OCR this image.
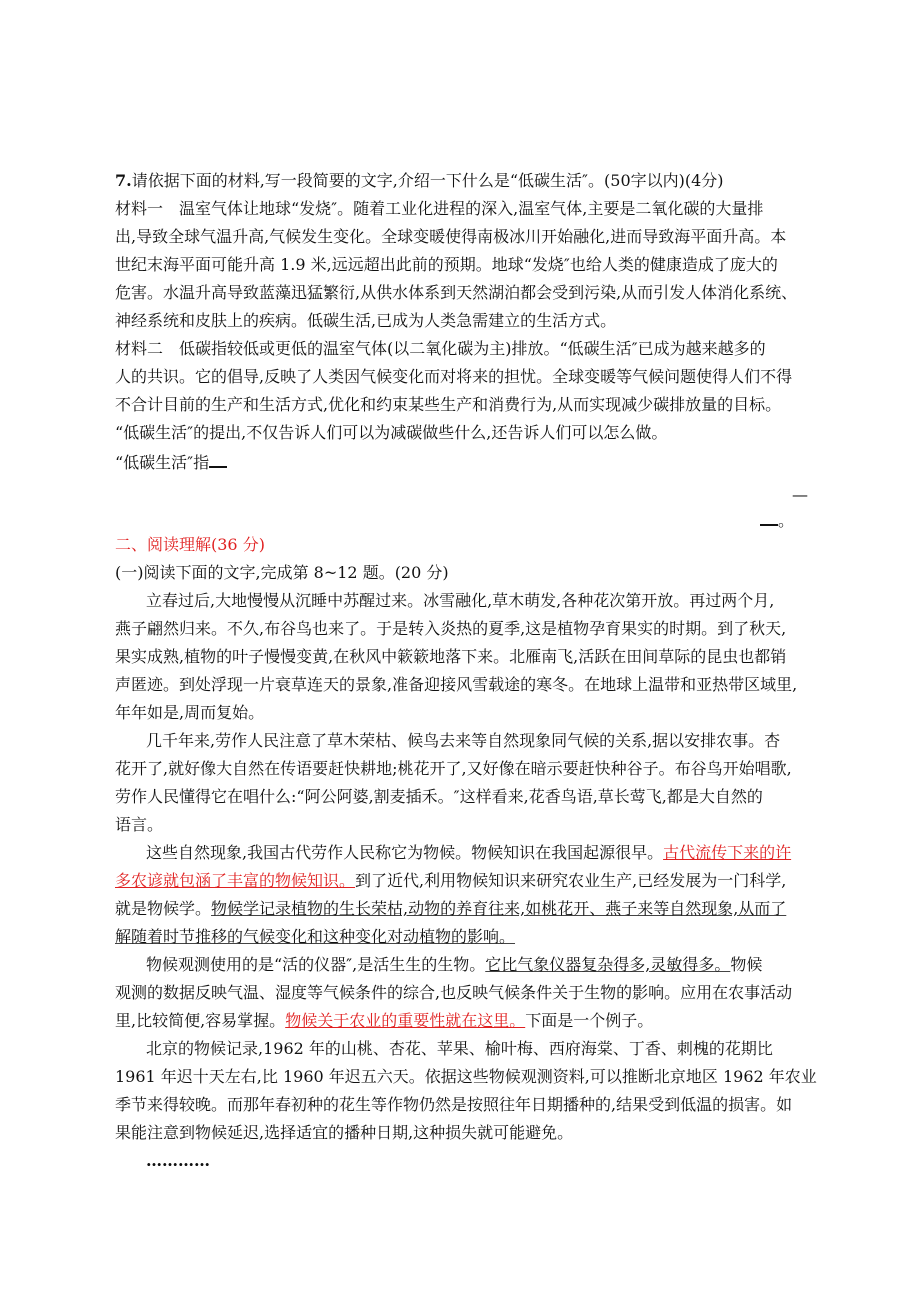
7.请依据下面的材料,写一段简要的文字,介绍一下什么是“低碳生活″。(50字以内)(4分)
材料一　温室气体让地球“发烧″。随着工业化进程的深入,温室气体,主要是二氧化碳的大量排
出,导致全球气温升高,气候发生变化。全球变暖使得南极冰川开始融化,进而导致海平面升高。本
世纪末海平面可能升高 1.9 米,远远超出此前的预期。地球“发烧″也给人类的健康造成了庞大的
危害。水温升高导致蓝藻迅猛繁衍,从供水体系到天然湖泊都会受到污染,从而引发人体消化系统、
神经系统和皮肤上的疾病。低碳生活,已成为人类急需建立的生活方式。
材料二　低碳指较低或更低的温室气体(以二氧化碳为主)排放。“低碳生活″已成为越来越多的
人的共识。它的倡导,反映了人类因气候变化而对将来的担忧。全球变暖等气候问题使得人们不得
不合计目前的生产和生活方式,优化和约束某些生产和消费行为,从而实现减少碳排放量的目标。
“低碳生活″的提出,不仅告诉人们可以为减碳做些什么,还告诉人们可以怎么做。
“低碳生活″指
—
。
二、阅读理解(36 分)
(一)阅读下面的文字,完成第 8~12 题。(20 分)
立春过后,大地慢慢从沉睡中苏醒过来。冰雪融化,草木萌发,各种花次第开放。再过两个月,
燕子翩然归来。不久,布谷鸟也来了。于是转入炎热的夏季,这是植物孕育果实的时期。到了秋天,
果实成熟,植物的叶子慢慢变黄,在秋风中簌簌地落下来。北雁南飞,活跃在田间草际的昆虫也都销
声匿迹。到处浮现一片衰草连天的景象,准备迎接风雪载途的寒冬。在地球上温带和亚热带区域里,
年年如是,周而复始。
几千年来,劳作人民注意了草木荣枯、候鸟去来等自然现象同气候的关系,据以安排农事。杏
花开了,就好像大自然在传语要赶快耕地;桃花开了,又好像在暗示要赶快种谷子。布谷鸟开始唱歌,
劳作人民懂得它在唱什么:“阿公阿婆,割麦插禾。″这样看来,花香鸟语,草长莺飞,都是大自然的
语言。
这些自然现象,我国古代劳作人民称它为物候。物候知识在我国起源很早。古代流传下来的许
多农谚就包涵了丰富的物候知识。到了近代,利用物候知识来研究农业生产,已经发展为一门科学,
就是物候学。物候学记录植物的生长荣枯,动物的养育往来,如桃花开、燕子来等自然现象,从而了
解随着时节推移的气候变化和这种变化对动植物的影响。
物候观测使用的是“活的仪器″,是活生生的生物。它比气象仪器复杂得多,灵敏得多。物候
观测的数据反映气温、湿度等气候条件的综合,也反映气候条件关于生物的影响。应用在农事活动
里,比较简便,容易掌握。物候关于农业的重要性就在这里。下面是一个例子。
北京的物候记录,1962 年的山桃、杏花、苹果、榆叶梅、西府海棠、丁香、刺槐的花期比
1961 年迟十天左右,比 1960 年迟五六天。依据这些物候观测资料,可以推断北京地区 1962 年农业
季节来得较晚。而那年春初种的花生等作物仍然是按照往年日期播种的,结果受到低温的损害。如
果能注意到物候延迟,选择适宜的播种日期,这种损失就可能避免。
…………
